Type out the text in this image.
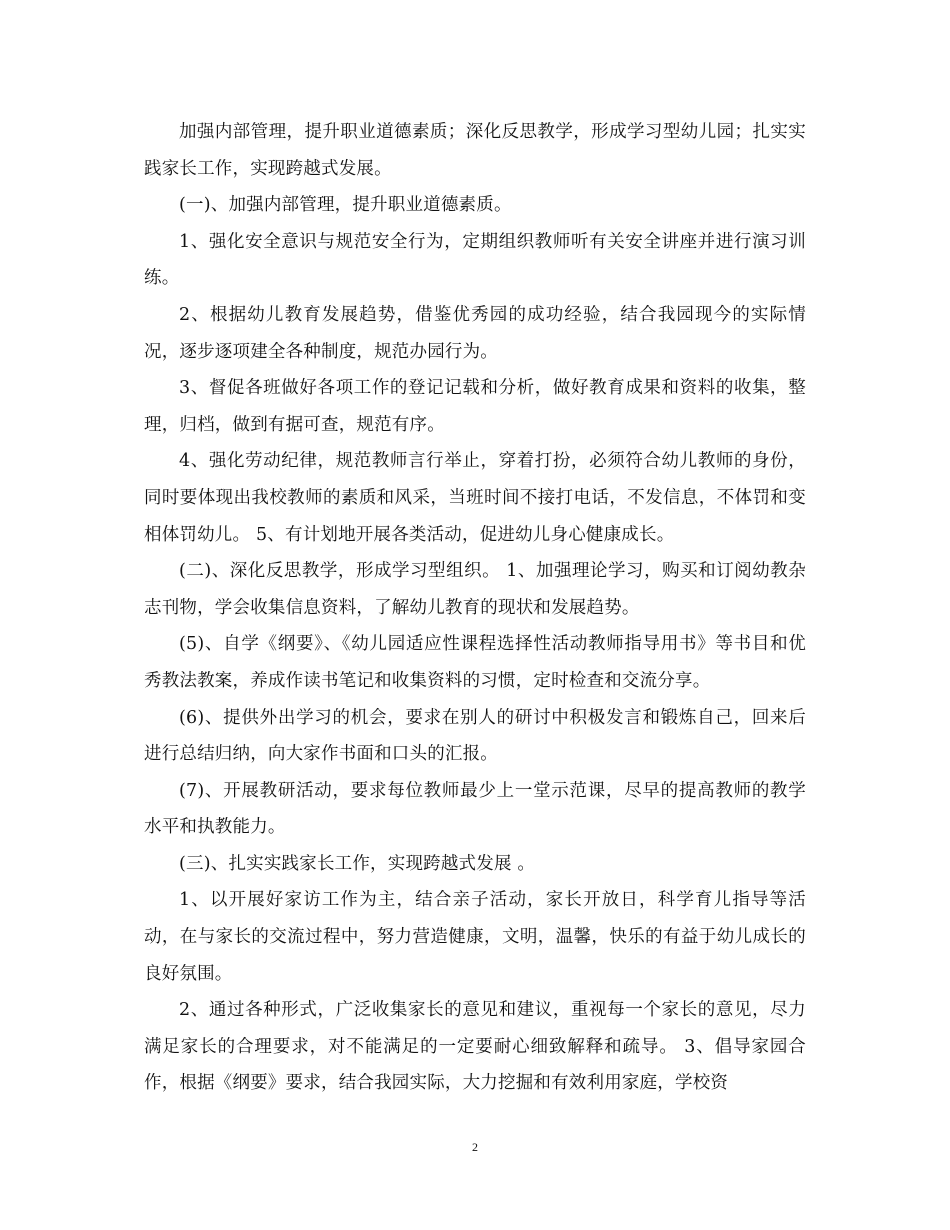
加强内部管理，提升职业道德素质；深化反思教学，形成学习型幼儿园；扎实实践家长工作，实现跨越式发展。

(一)、加强内部管理，提升职业道德素质。

1、强化安全意识与规范安全行为，定期组织教师听有关安全讲座并进行演习训练。

2、根据幼儿教育发展趋势，借鉴优秀园的成功经验，结合我园现今的实际情况，逐步逐项建全各种制度，规范办园行为。

3、督促各班做好各项工作的登记记载和分析，做好教育成果和资料的收集，整理，归档，做到有据可查，规范有序。

4、强化劳动纪律，规范教师言行举止，穿着打扮，必须符合幼儿教师的身份，同时要体现出我校教师的素质和风采，当班时间不接打电话，不发信息，不体罚和变相体罚幼儿。 5、有计划地开展各类活动，促进幼儿身心健康成长。

(二)、深化反思教学，形成学习型组织。 1、加强理论学习，购买和订阅幼教杂志刊物，学会收集信息资料，了解幼儿教育的现状和发展趋势。

(5)、自学《纲要》、《幼儿园适应性课程选择性活动教师指导用书》等书目和优秀教法教案，养成作读书笔记和收集资料的习惯，定时检查和交流分享。

(6)、提供外出学习的机会，要求在别人的研讨中积极发言和锻炼自己，回来后进行总结归纳，向大家作书面和口头的汇报。

(7)、开展教研活动，要求每位教师最少上一堂示范课，尽早的提高教师的教学水平和执教能力。

(三)、扎实实践家长工作，实现跨越式发展 。

1、以开展好家访工作为主，结合亲子活动，家长开放日，科学育儿指导等活动，在与家长的交流过程中，努力营造健康，文明，温馨，快乐的有益于幼儿成长的良好氛围。

2、通过各种形式，广泛收集家长的意见和建议，重视每一个家长的意见，尽力满足家长的合理要求，对不能满足的一定要耐心细致解释和疏导。 3、倡导家园合作，根据《纲要》要求，结合我园实际，大力挖掘和有效利用家庭，学校资

2
